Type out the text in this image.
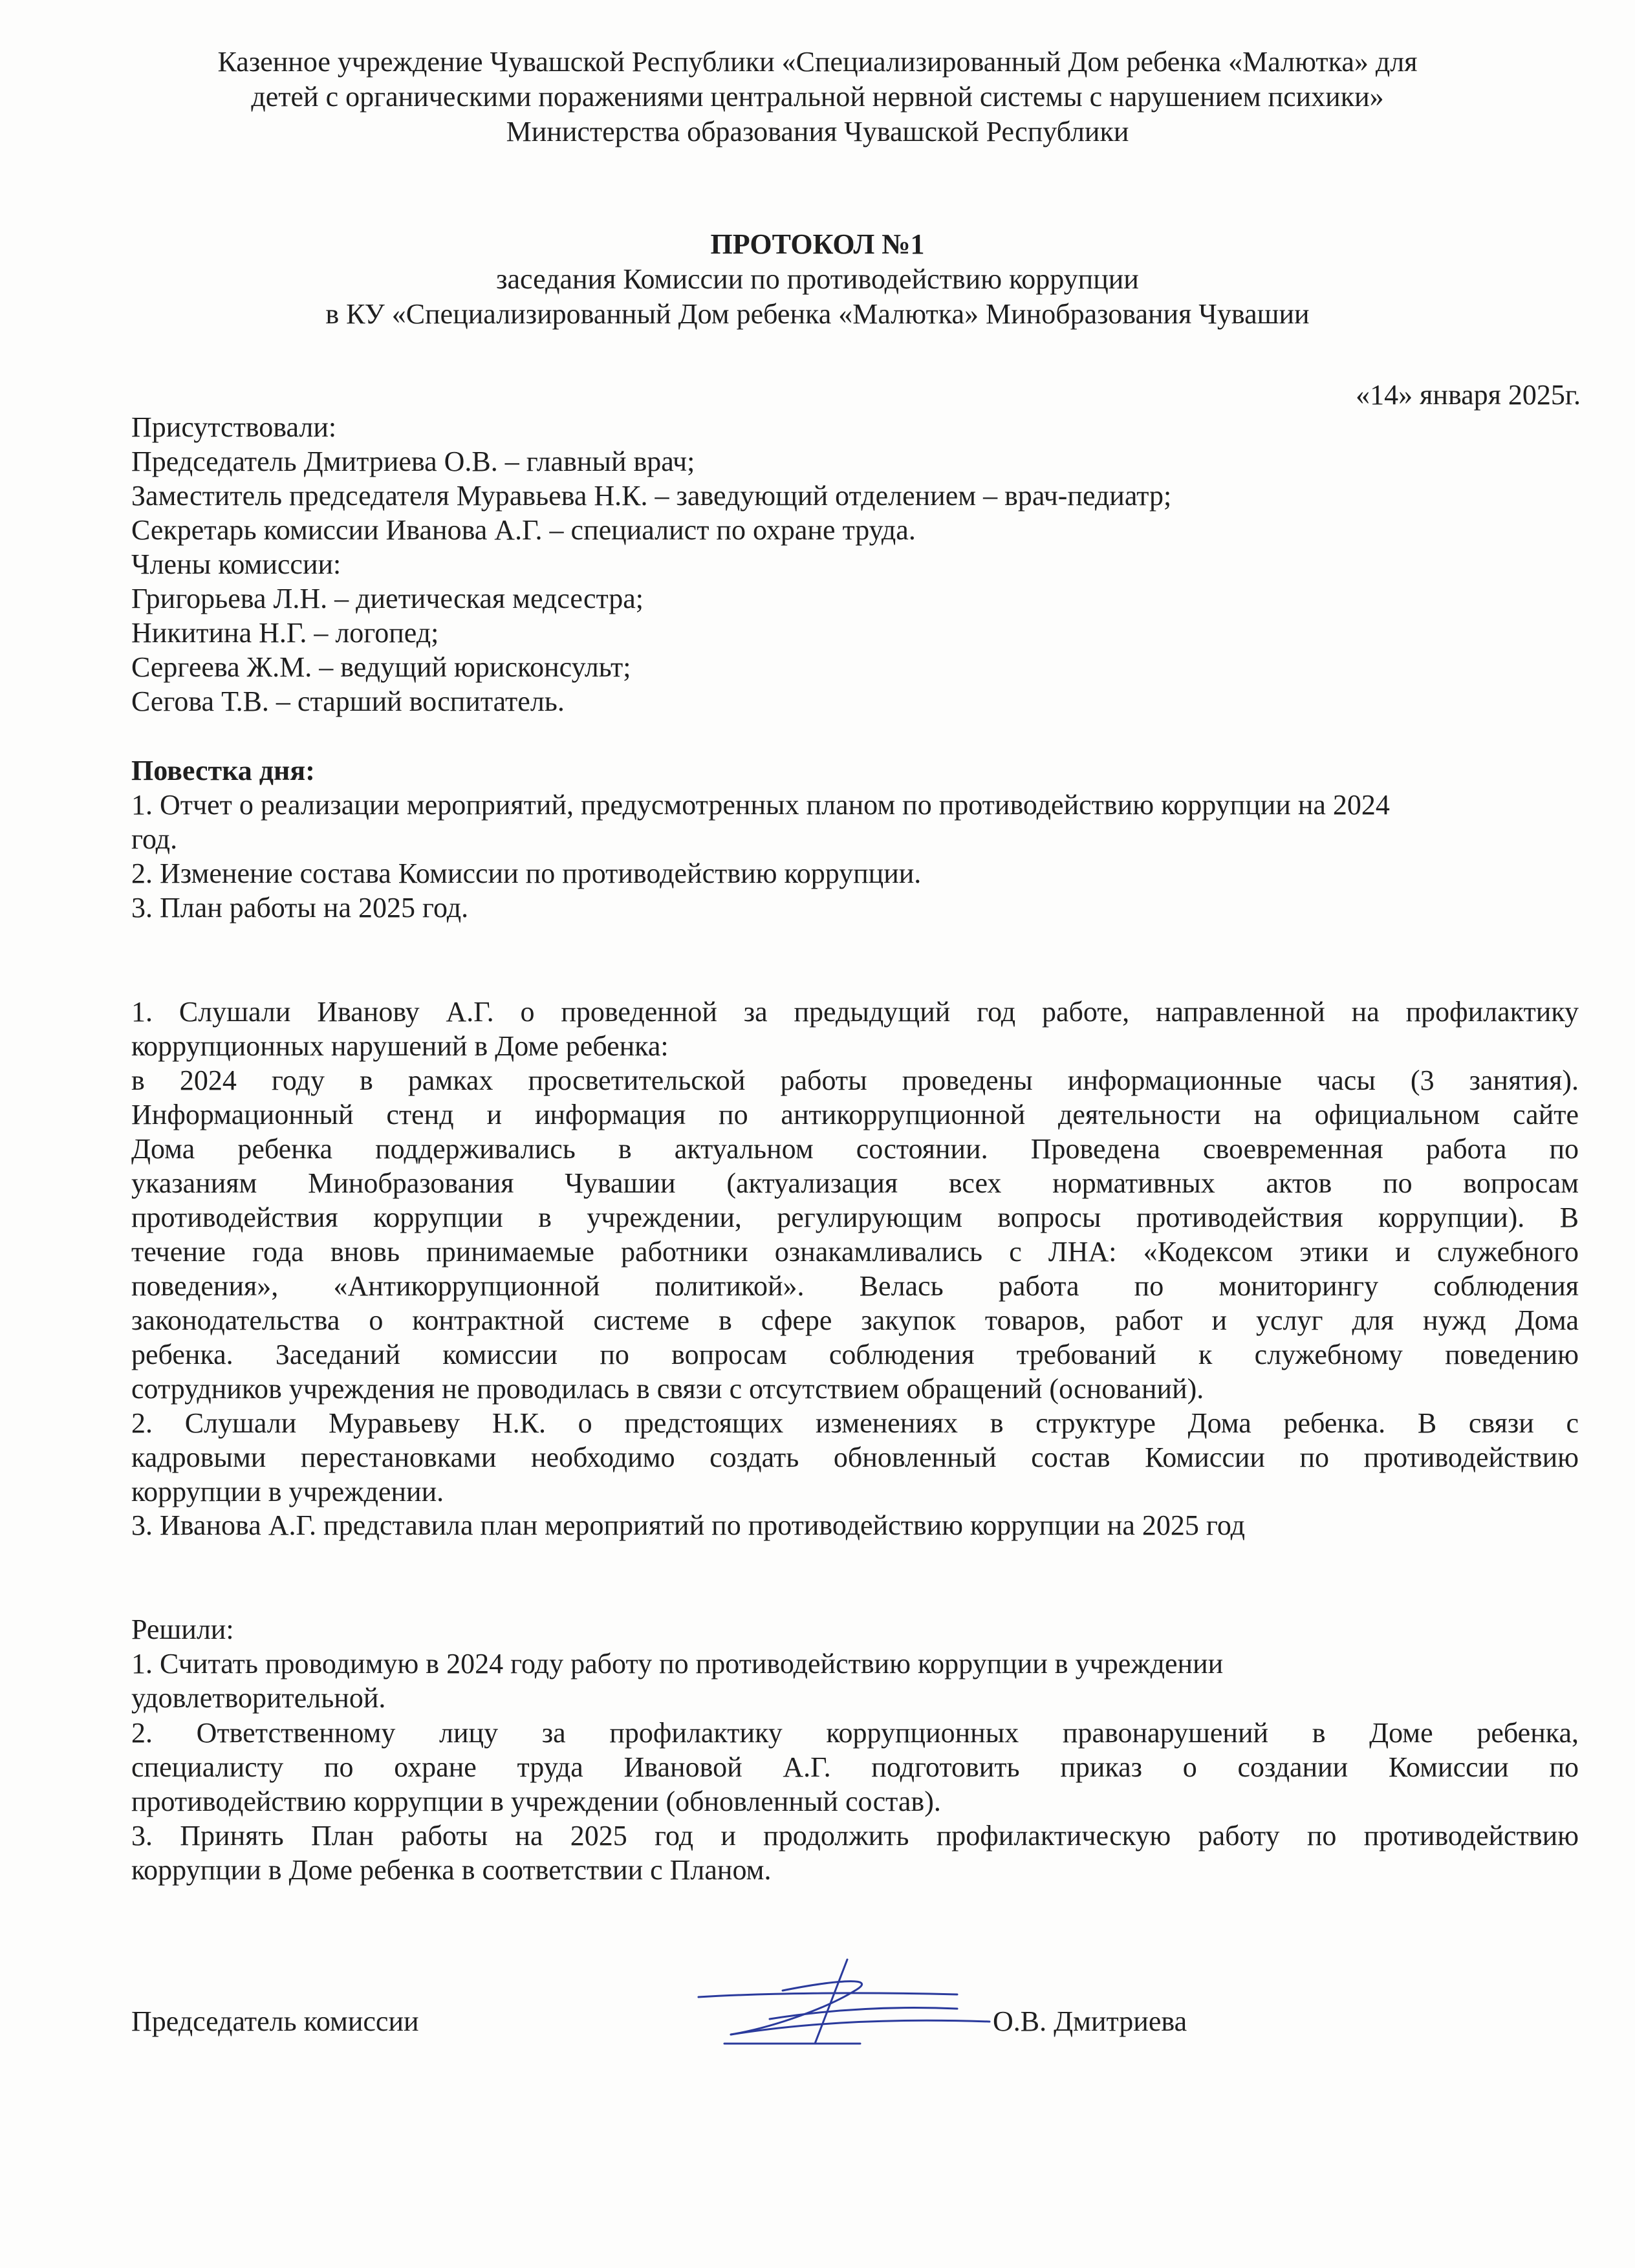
Казенное учреждение Чувашской Республики «Специализированный Дом ребенка «Малютка» для
детей с органическими поражениями центральной нервной системы с нарушением психики»
Министерства образования Чувашской Республики
ПРОТОКОЛ №1
заседания Комиссии по противодействию коррупции
в КУ «Специализированный Дом ребенка «Малютка» Минобразования Чувашии
«14» января 2025г.
Присутствовали:
Председатель Дмитриева О.В. – главный врач;
Заместитель председателя Муравьева Н.К. – заведующий отделением – врач-педиатр;
Секретарь комиссии Иванова А.Г. – специалист по охране труда.
Члены комиссии:
Григорьева Л.Н. – диетическая медсестра;
Никитина Н.Г. – логопед;
Сергеева Ж.М. – ведущий юрисконсульт;
Сегова Т.В. – старший воспитатель.
Повестка дня:
1. Отчет о реализации мероприятий, предусмотренных планом по противодействию коррупции на 2024
год.
2. Изменение состава Комиссии по противодействию коррупции.
3. План работы на 2025 год.
1. Слушали Иванову А.Г. о проведенной за предыдущий год работе, направленной на профилактику
коррупционных нарушений в Доме ребенка:
в 2024 году в рамках просветительской работы проведены информационные часы (3 занятия).
Информационный стенд и информация по антикоррупционной деятельности на официальном сайте
Дома ребенка поддерживались в актуальном состоянии. Проведена своевременная работа по
указаниям Минобразования Чувашии (актуализация всех нормативных актов по вопросам
противодействия коррупции в учреждении, регулирующим вопросы противодействия коррупции). В
течение года вновь принимаемые работники ознакамливались с ЛНА: «Кодексом этики и служебного
поведения», «Антикоррупционной политикой». Велась работа по мониторингу соблюдения
законодательства о контрактной системе в сфере закупок товаров, работ и услуг для нужд Дома
ребенка. Заседаний комиссии по вопросам соблюдения требований к служебному поведению
сотрудников учреждения не проводилась в связи с отсутствием обращений (оснований).
2. Слушали Муравьеву Н.К. о предстоящих изменениях в структуре Дома ребенка. В связи с
кадровыми перестановками необходимо создать обновленный состав Комиссии по противодействию
коррупции в учреждении.
3. Иванова А.Г. представила план мероприятий по противодействию коррупции на 2025 год
Решили:
1. Считать проводимую в 2024 году работу по противодействию коррупции в учреждении
удовлетворительной.
2. Ответственному лицу за профилактику коррупционных правонарушений в Доме ребенка,
специалисту по охране труда Ивановой А.Г. подготовить приказ о создании Комиссии по
противодействию коррупции в учреждении (обновленный состав).
3. Принять План работы на 2025 год и продолжить профилактическую работу по противодействию
коррупции в Доме ребенка в соответствии с Планом.
Председатель комиссии	О.В. Дмитриева
